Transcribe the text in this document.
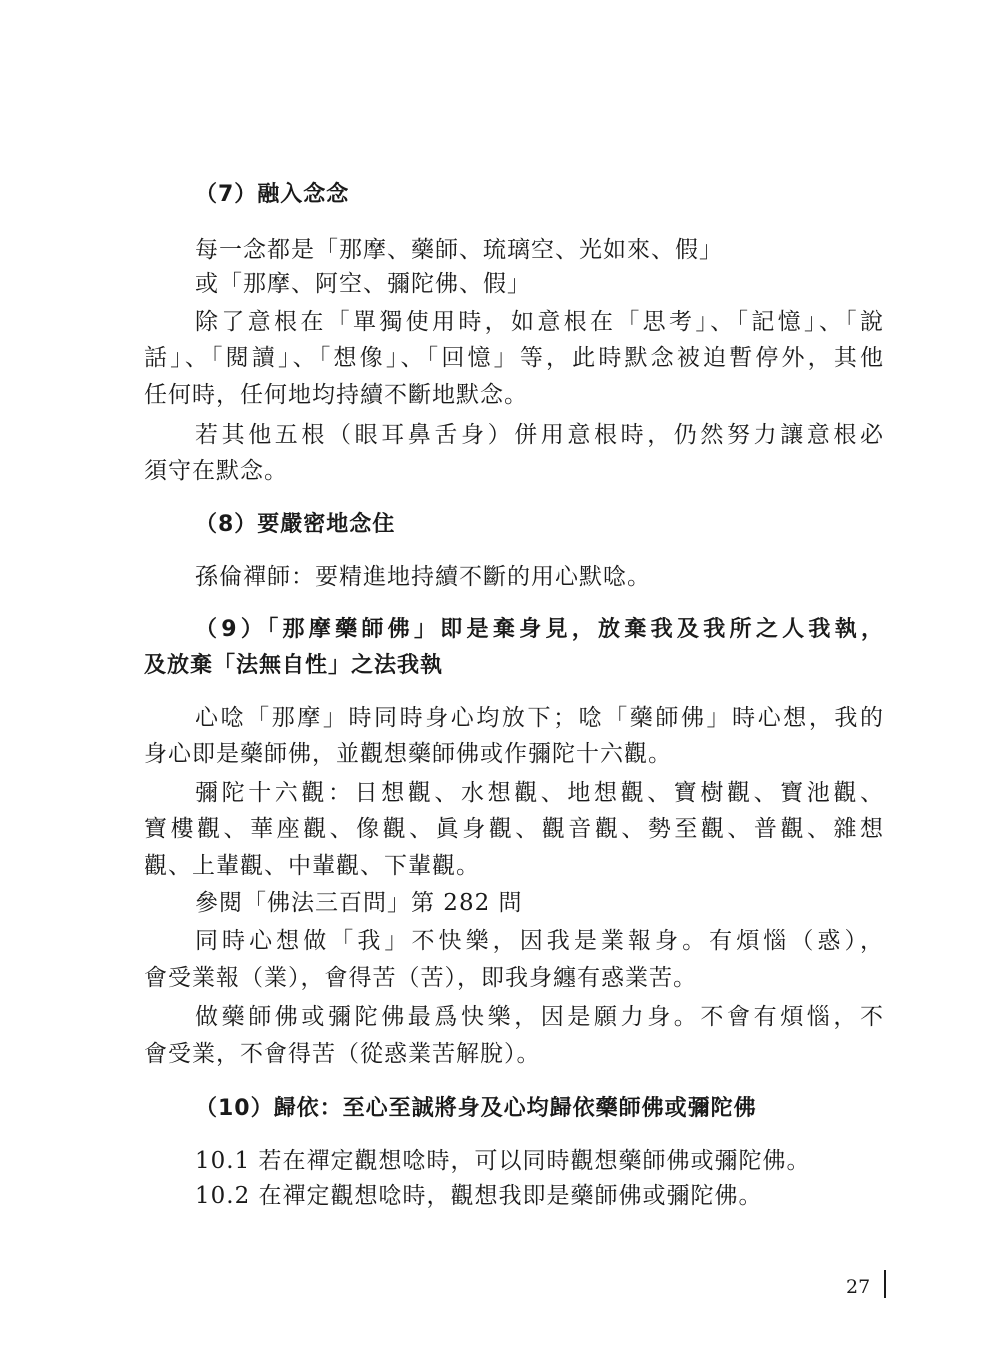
（7）融入念念
每一念都是「那摩、藥師、琉璃空、光如來、假」
或「那摩、阿空、彌陀佛、假」
除了意根在「單獨使用時，如意根在「思考」、「記憶」、「說
話」、「閱讀」、「想像」、「回憶」等，此時默念被迫暫停外，其他
任何時，任何地均持續不斷地默念。
若其他五根（眼耳鼻舌身）併用意根時，仍然努力讓意根必
須守在默念。
（8）要嚴密地念住
孫倫禪師：要精進地持續不斷的用心默唸。
（9）「那摩藥師佛」即是棄身見，放棄我及我所之人我執，
及放棄「法無自性」之法我執
心唸「那摩」時同時身心均放下；唸「藥師佛」時心想，我的
身心即是藥師佛，並觀想藥師佛或作彌陀十六觀。
彌陀十六觀：日想觀、水想觀、地想觀、寶樹觀、寶池觀、
寶樓觀、華座觀、像觀、眞身觀、觀音觀、勢至觀、普觀、雜想
觀、上輩觀、中輩觀、下輩觀。
參閱「佛法三百問」第 282 問
同時心想做「我」不快樂，因我是業報身。有煩惱（惑），
會受業報（業），會得苦（苦），即我身纏有惑業苦。
做藥師佛或彌陀佛最爲快樂，因是願力身。不會有煩惱，不
會受業，不會得苦（從惑業苦解脫）。
（10）歸依：至心至誠將身及心均歸依藥師佛或彌陀佛
10.1 若在禪定觀想唸時，可以同時觀想藥師佛或彌陀佛。
10.2 在禪定觀想唸時，觀想我即是藥師佛或彌陀佛。
27
